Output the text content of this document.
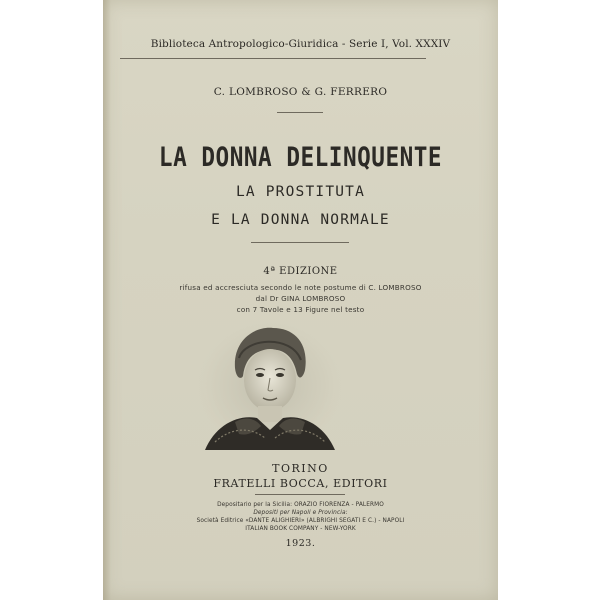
Biblioteca Antropologico-Giuridica - Serie I, Vol. XXXIV
C. LOMBROSO & G. FERRERO
LA DONNA DELINQUENTE
LA PROSTITUTA
E LA DONNA NORMALE
4ª EDIZIONE
rifusa ed accresciuta secondo le note postume di C. LOMBROSO
dal Dr GINA LOMBROSO
con 7 Tavole e 13 Figure nel testo
TORINO
FRATELLI BOCCA, EDITORI
Depositario per la Sicilia: ORAZIO FIORENZA - PALERMO
Depositi per Napoli e Provincia:
Società Editrice «DANTE ALIGHIERI» (ALBRIGHI SEGATI E C.) - NAPOLI
ITALIAN BOOK COMPANY - NEW-YORK
1923.
